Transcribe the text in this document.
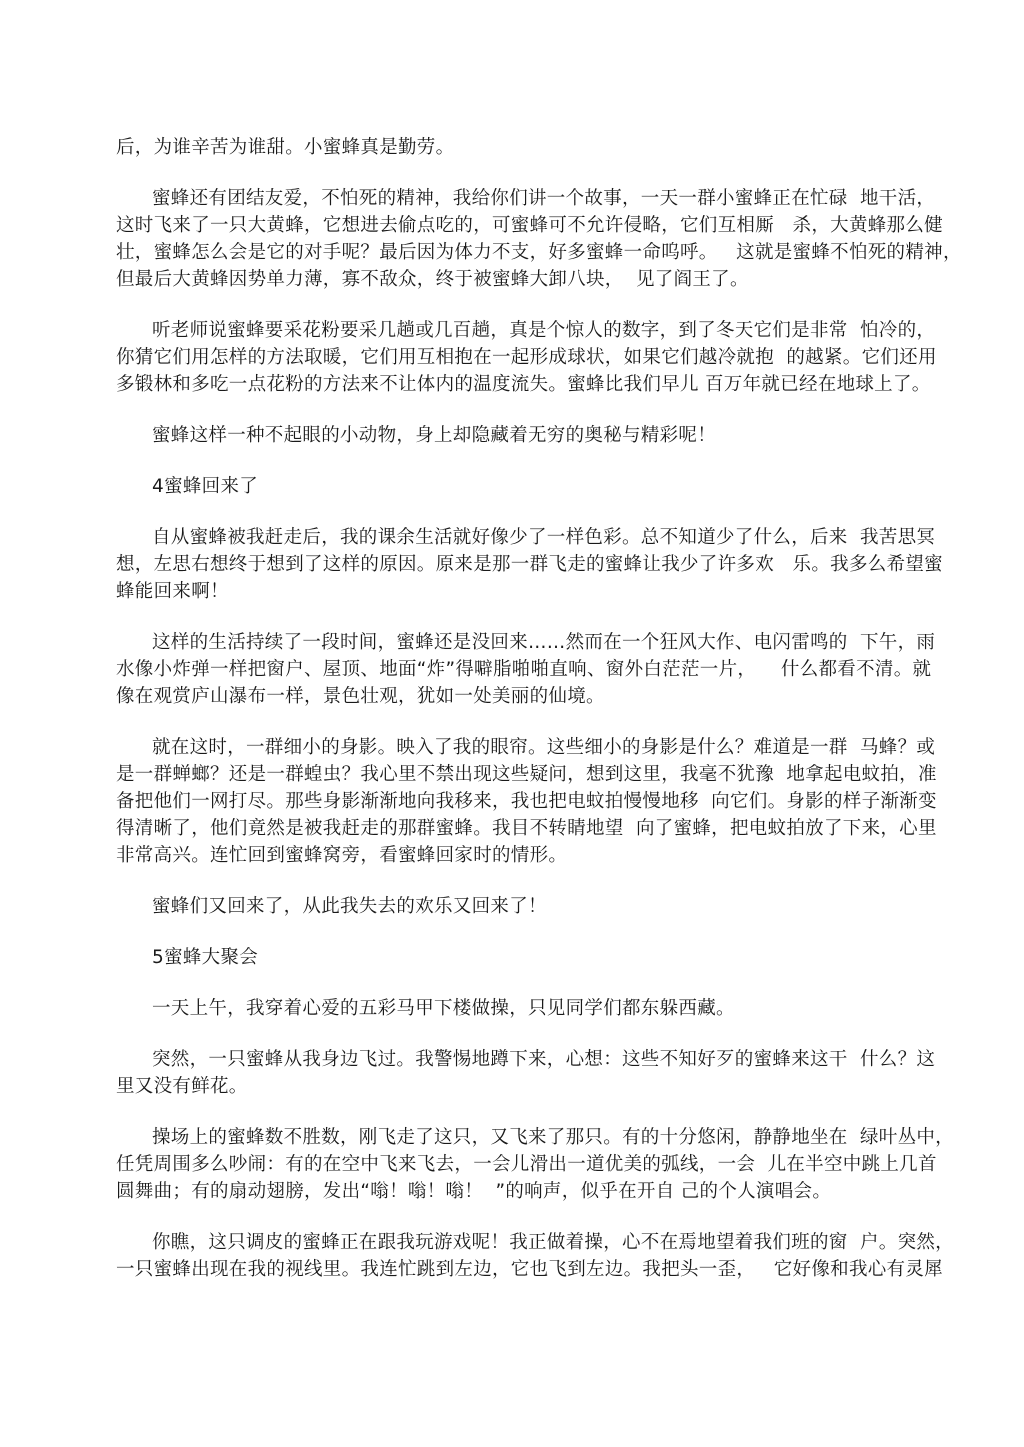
后，为谁辛苦为谁甜。小蜜蜂真是勤劳。
蜜蜂还有团结友爱，不怕死的精神，我给你们讲一个故事，一天一群小蜜蜂正在忙碌  地干活，
这时飞来了一只大黄蜂，它想进去偷点吃的，可蜜蜂可不允许侵略，它们互相厮   杀，大黄蜂那么健
壮，蜜蜂怎么会是它的对手呢？最后因为体力不支，好多蜜蜂一命呜呼。   这就是蜜蜂不怕死的精神，
但最后大黄蜂因势单力薄，寡不敌众，终于被蜜蜂大卸八块，  见了阎王了。
听老师说蜜蜂要采花粉要采几趟或几百趟，真是个惊人的数字，到了冬天它们是非常  怕冷的，
你猜它们用怎样的方法取暖，它们用互相抱在一起形成球状，如果它们越冷就抱  的越紧。它们还用
多锻林和多吃一点花粉的方法来不让体内的温度流失。蜜蜂比我们早儿 百万年就已经在地球上了。
蜜蜂这样一种不起眼的小动物，身上却隐藏着无穷的奥秘与精彩呢！
4蜜蜂回来了
自从蜜蜂被我赶走后，我的课余生活就好像少了一样色彩。总不知道少了什么，后来  我苦思冥
想，左思右想终于想到了这样的原因。原来是那一群飞走的蜜蜂让我少了许多欢   乐。我多么希望蜜
蜂能回来啊！
这样的生活持续了一段时间，蜜蜂还是没回来……然而在一个狂风大作、电闪雷鸣的  下午，雨
水像小炸弹一样把窗户、屋顶、地面“炸”得噼脂啪啪直响、窗外白茫茫一片，    什么都看不清。就
像在观赏庐山瀑布一样，景色壮观，犹如一处美丽的仙境。
就在这时，一群细小的身影。映入了我的眼帘。这些细小的身影是什么？难道是一群  马蜂？或
是一群蝉螂？还是一群蝗虫？我心里不禁出现这些疑问，想到这里，我毫不犹豫  地拿起电蚊拍，准
备把他们一网打尽。那些身影渐渐地向我移来，我也把电蚊拍慢慢地移  向它们。身影的样子渐渐变
得清晰了，他们竟然是被我赶走的那群蜜蜂。我目不转睛地望  向了蜜蜂，把电蚊拍放了下来，心里
非常高兴。连忙回到蜜蜂窝旁，看蜜蜂回家时的情形。
蜜蜂们又回来了，从此我失去的欢乐又回来了！
5蜜蜂大聚会
一天上午，我穿着心爱的五彩马甲下楼做操，只见同学们都东躲西藏。
突然，一只蜜蜂从我身边飞过。我警惕地蹲下来，心想：这些不知好歹的蜜蜂来这干  什么？这
里又没有鲜花。
操场上的蜜蜂数不胜数，刚飞走了这只，又飞来了那只。有的十分悠闲，静静地坐在  绿叶丛中，
任凭周围多么吵闹：有的在空中飞来飞去，一会儿滑出一道优美的弧线，一会  儿在半空中跳上几首
圆舞曲；有的扇动翅膀，发出“嗡！嗡！嗡！  ”的响声，似乎在开自 己的个人演唱会。
你瞧，这只调皮的蜜蜂正在跟我玩游戏呢！我正做着操，心不在焉地望着我们班的窗  户。突然，
一只蜜蜂出现在我的视线里。我连忙跳到左边，它也飞到左边。我把头一歪，   它好像和我心有灵犀
